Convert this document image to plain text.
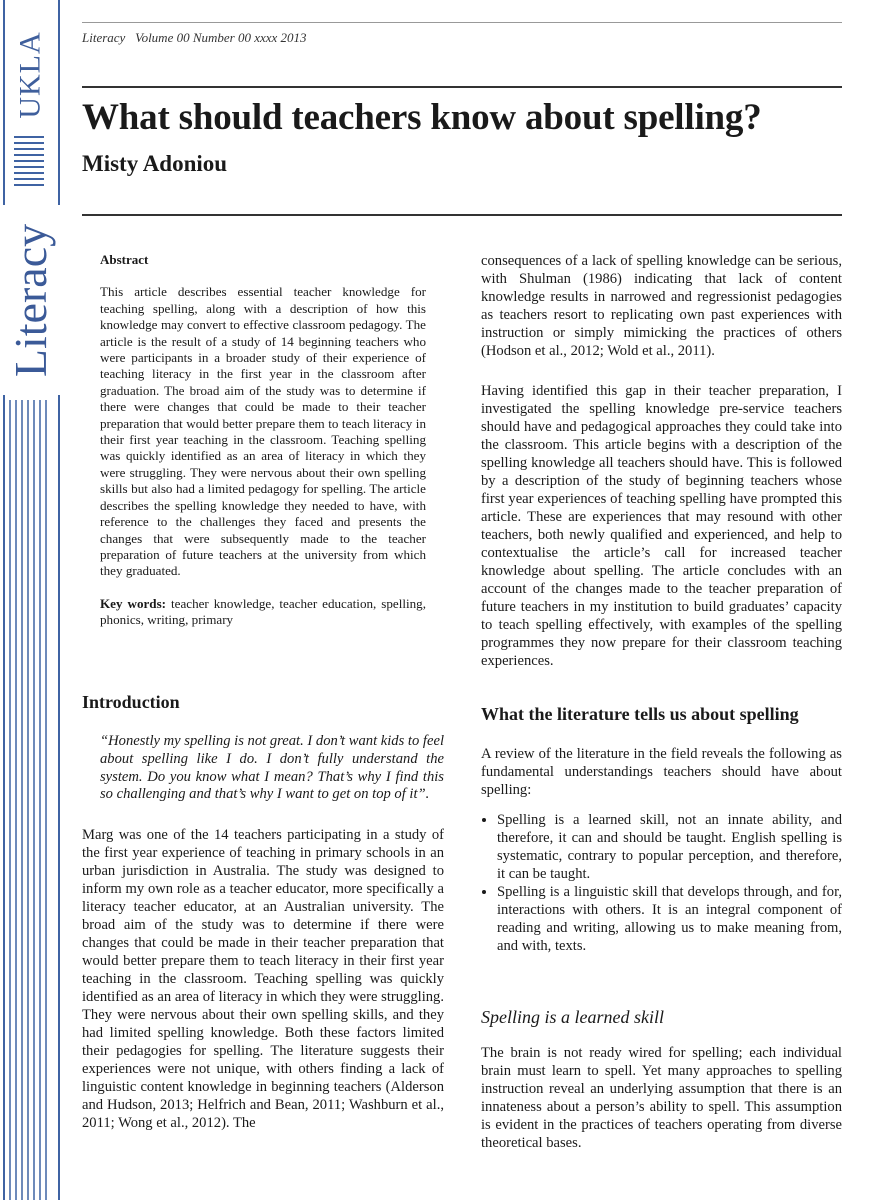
UKLA
Literacy
Literacy   Volume 00 Number 00 xxxx 2013
What should teachers know about spelling?
Misty Adoniou
Abstract

This article describes essential teacher knowledge for teaching spelling, along with a description of how this knowledge may convert to effective classroom pedagogy. The article is the result of a study of 14 beginning teachers who were participants in a broader study of their experience of teaching literacy in the first year in the classroom after graduation. The broad aim of the study was to determine if there were changes that could be made to their teacher preparation that would better prepare them to teach literacy in their first year teaching in the classroom. Teaching spelling was quickly identified as an area of literacy in which they were struggling. They were nervous about their own spelling skills but also had a limited pedagogy for spelling. The article describes the spelling knowledge they needed to have, with reference to the challenges they faced and presents the changes that were subsequently made to the teacher preparation of future teachers at the university from which they graduated.

Key words: teacher knowledge, teacher education, spelling, phonics, writing, primary

Introduction

“Honestly my spelling is not great. I don’t want kids to feel about spelling like I do. I don’t fully understand the system. Do you know what I mean? That’s why I find this so challenging and that’s why I want to get on top of it”.

Marg was one of the 14 teachers participating in a study of the first year experience of teaching in primary schools in an urban jurisdiction in Australia. The study was designed to inform my own role as a teacher educator, more specifically a literacy teacher educator, at an Australian university. The broad aim of the study was to determine if there were changes that could be made in their teacher preparation that would better prepare them to teach literacy in their first year teaching in the classroom. Teaching spelling was quickly identified as an area of literacy in which they were struggling. They were nervous about their own spelling skills, and they had limited spelling knowledge. Both these factors limited their pedagogies for spelling. The literature suggests their experiences were not unique, with others finding a lack of linguistic content knowledge in beginning teachers (Alderson and Hudson, 2013; Helfrich and Bean, 2011; Washburn et al., 2011; Wong et al., 2012). The

consequences of a lack of spelling knowledge can be serious, with Shulman (1986) indicating that lack of content knowledge results in narrowed and regressionist pedagogies as teachers resort to replicating own past experiences with instruction or simply mimicking the practices of others (Hodson et al., 2012; Wold et al., 2011).

Having identified this gap in their teacher preparation, I investigated the spelling knowledge pre-service teachers should have and pedagogical approaches they could take into the classroom. This article begins with a description of the spelling knowledge all teachers should have. This is followed by a description of the study of beginning teachers whose first year experiences of teaching spelling have prompted this article. These are experiences that may resound with other teachers, both newly qualified and experienced, and help to contextualise the article’s call for increased teacher knowledge about spelling. The article concludes with an account of the changes made to the teacher preparation of future teachers in my institution to build graduates’ capacity to teach spelling effectively, with examples of the spelling programmes they now prepare for their classroom teaching experiences.

What the literature tells us about spelling

A review of the literature in the field reveals the following as fundamental understandings teachers should have about spelling:

• Spelling is a learned skill, not an innate ability, and therefore, it can and should be taught. English spelling is systematic, contrary to popular perception, and therefore, it can be taught.
• Spelling is a linguistic skill that develops through, and for, interactions with others. It is an integral component of reading and writing, allowing us to make meaning from, and with, texts.
Spelling is a learned skill

The brain is not ready wired for spelling; each individual brain must learn to spell. Yet many approaches to spelling instruction reveal an underlying assumption that there is an innateness about a person’s ability to spell. This assumption is evident in the practices of teachers operating from diverse theoretical bases.
